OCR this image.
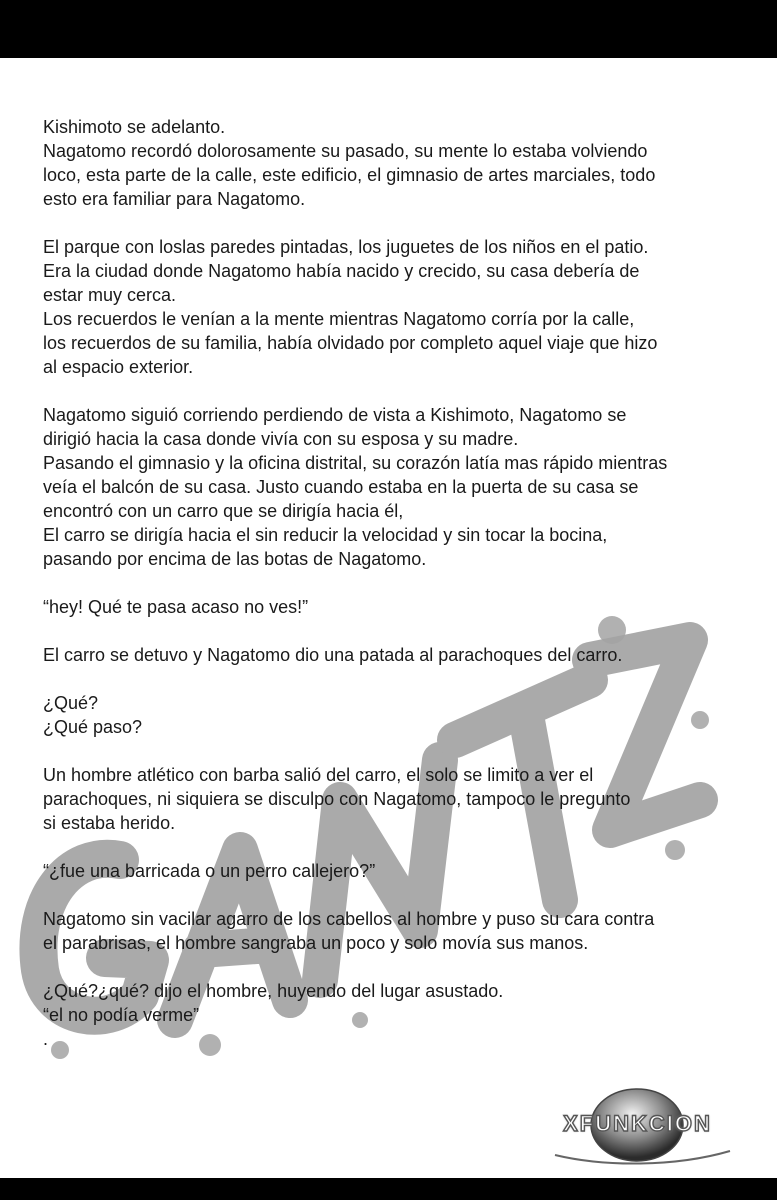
Kishimoto se adelanto.
Nagatomo recordó dolorosamente su pasado, su mente lo estaba volviendo
loco, esta parte de la calle, este edificio, el gimnasio de artes marciales, todo
esto era familiar para Nagatomo.

El parque con loslas paredes pintadas, los juguetes de los niños en el patio.
Era la ciudad donde Nagatomo había nacido y crecido, su casa debería de
estar muy cerca.
Los recuerdos le venían a la mente mientras Nagatomo corría por la calle,
los recuerdos de su familia, había olvidado por completo aquel viaje que hizo
al espacio exterior.

Nagatomo siguió corriendo perdiendo de vista a Kishimoto, Nagatomo se
dirigió hacia la casa donde vivía con su esposa y su madre.
Pasando el gimnasio y la oficina distrital, su corazón latía mas rápido mientras
veía el balcón de su casa. Justo cuando estaba en la puerta de su casa se
encontró con un carro que se dirigía hacia él,
El carro se dirigía hacia el sin reducir la velocidad y sin tocar la bocina,
pasando por encima de las botas de Nagatomo.

“hey! Qué te pasa acaso no ves!”

El carro se detuvo y Nagatomo dio una patada al parachoques del carro.

¿Qué?
¿Qué paso?

Un hombre atlético con barba salió del carro, el solo se limito a ver el
parachoques, ni siquiera se disculpo con Nagatomo, tampoco le pregunto
si estaba herido.

“¿fue una barricada o un perro callejero?”

Nagatomo sin vacilar agarro de los cabellos al hombre y puso su cara contra
el parabrisas, el hombre sangraba un poco y solo movía sus manos.

¿Qué?¿qué? dijo el hombre, huyendo del lugar asustado.
“el no podía verme”
.

XFUNKCION
